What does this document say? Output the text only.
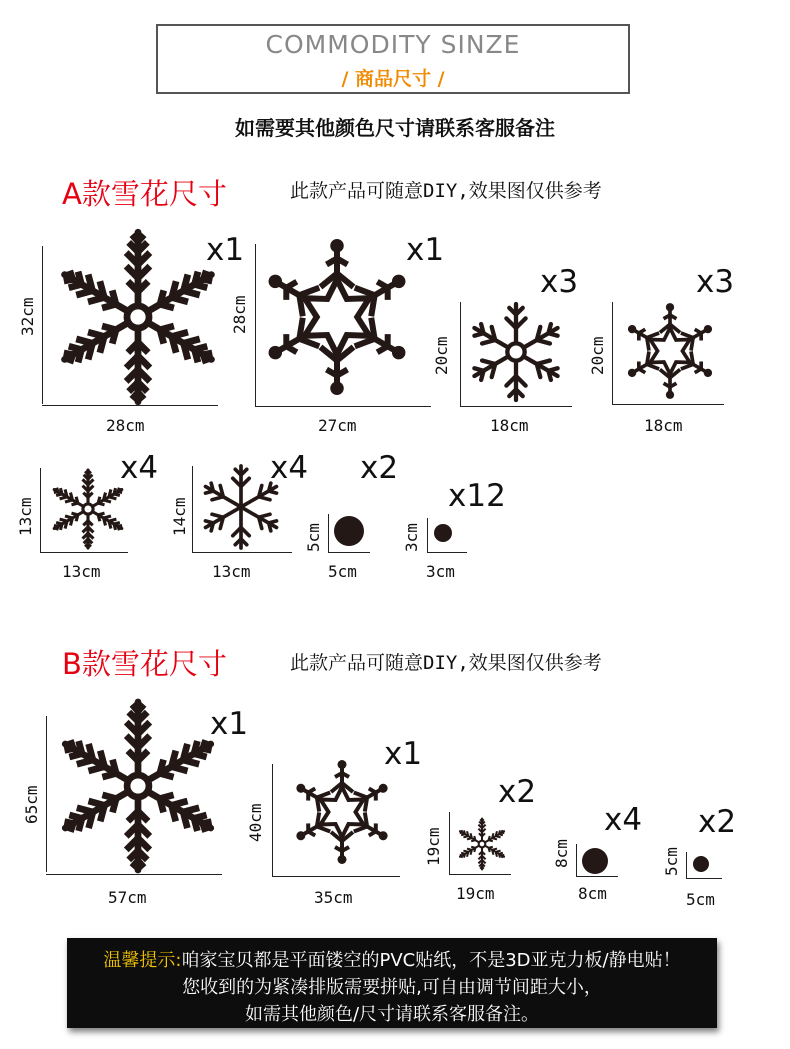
COMMODITY SINZE
/ 商品尺寸 /
如需要其他颜色尺寸请联系客服备注
A款雪花尺寸	此款产品可随意DIY,效果图仅供参考
x1
32cm
28cm
x1
28cm
27cm
x3
20cm
18cm
x3
20cm
18cm
x4
13cm
13cm
x4
14cm
13cm
x2
5cm
5cm
x12
3cm
3cm
B款雪花尺寸	此款产品可随意DIY,效果图仅供参考
x1
65cm
57cm
x1
40cm
35cm
x2
19cm
19cm
x4
8cm
8cm
x2
5cm
5cm
温馨提示:咱家宝贝都是平面镂空的PVC贴纸，不是3D亚克力板/静电贴！
您收到的为紧凑排版需要拼贴,可自由调节间距大小，
如需其他颜色/尺寸请联系客服备注。
